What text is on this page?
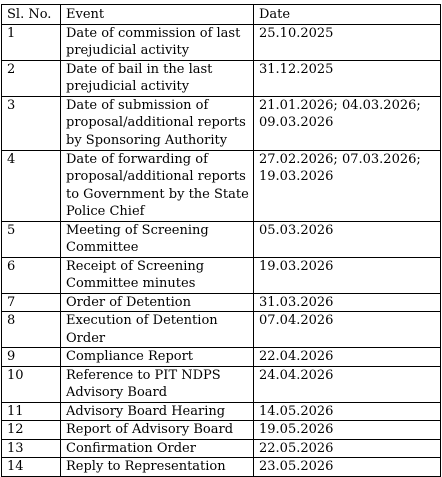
Sl. No.	Event	Date
1	Date of commission of last prejudicial activity	25.10.2025
2	Date of bail in the last prejudicial activity	31.12.2025
3	Date of submission of proposal/additional reports by Sponsoring Authority	21.01.2026; 04.03.2026; 09.03.2026
4	Date of forwarding of proposal/additional reports to Government by the State Police Chief	27.02.2026; 07.03.2026; 19.03.2026
5	Meeting of Screening Committee	05.03.2026
6	Receipt of Screening Committee minutes	19.03.2026
7	Order of Detention	31.03.2026
8	Execution of Detention Order	07.04.2026
9	Compliance Report	22.04.2026
10	Reference to PIT NDPS Advisory Board	24.04.2026
11	Advisory Board Hearing	14.05.2026
12	Report of Advisory Board	19.05.2026
13	Confirmation Order	22.05.2026
14	Reply to Representation	23.05.2026
